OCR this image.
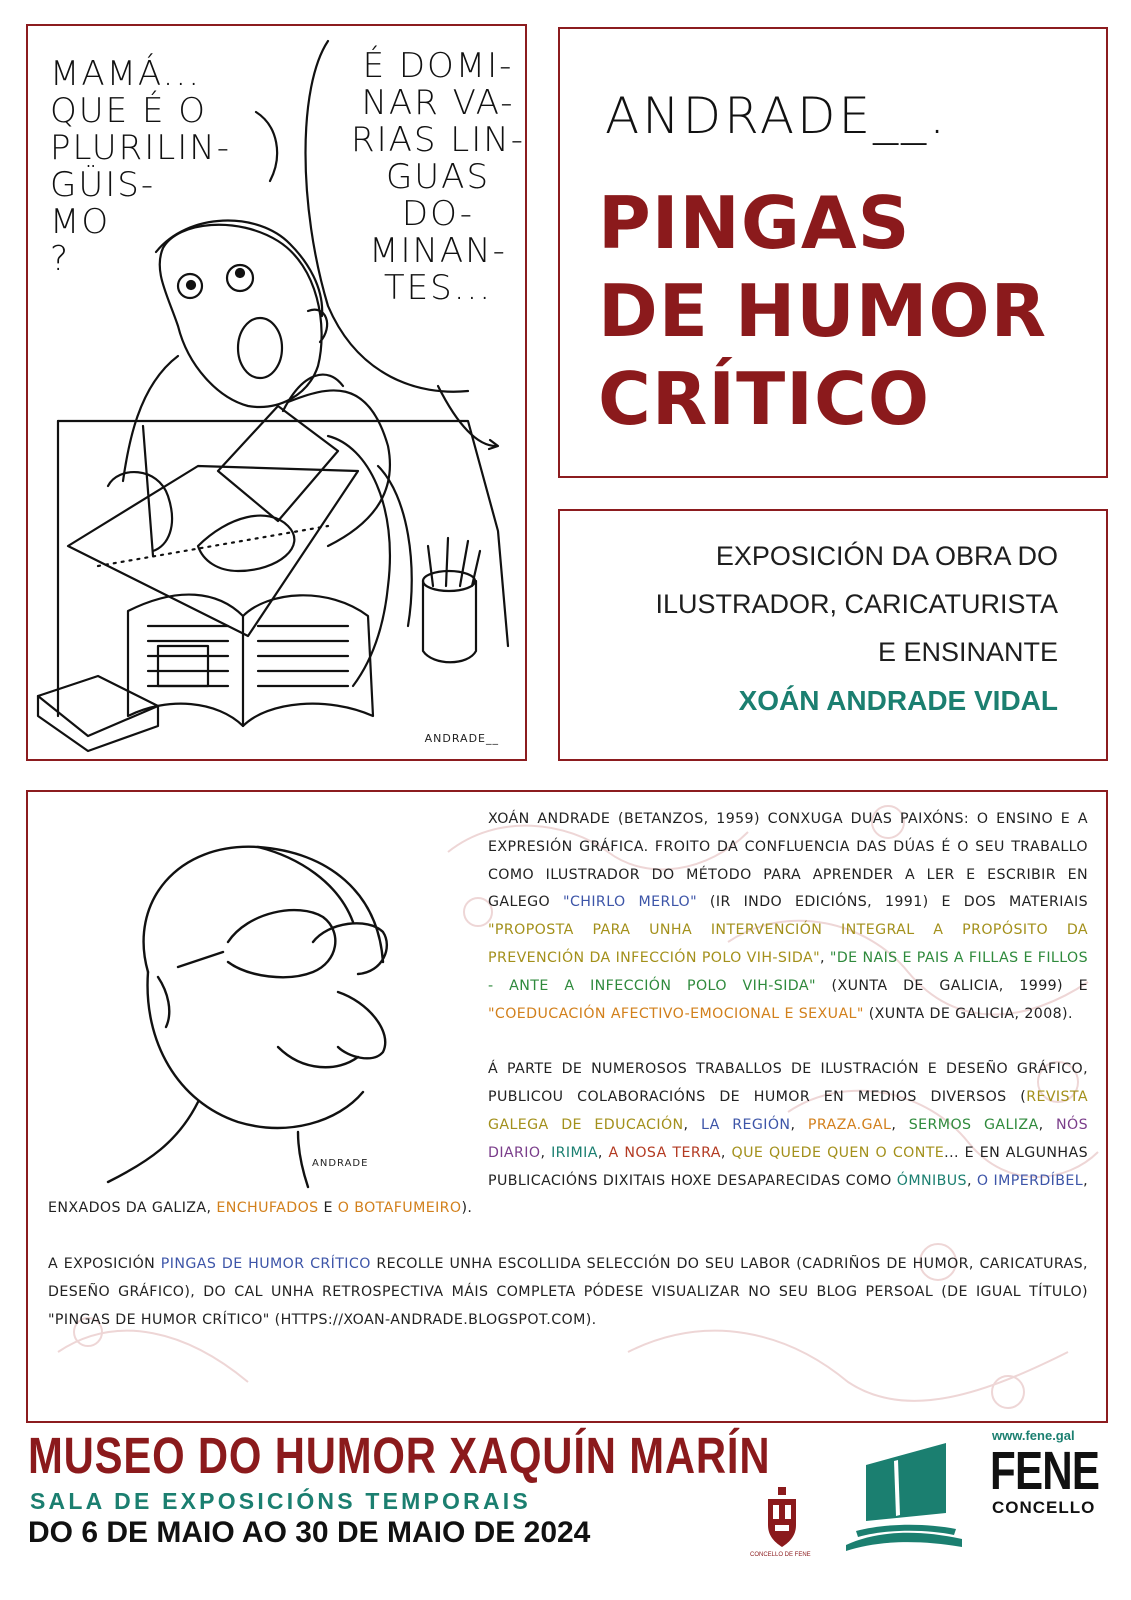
MAMÁ...
QUE É O
PLURILIN-
GÜIS-
MO
?
É DOMI-
NAR VA-
RIAS LIN-
GUAS DO-
MINAN-
TES...
ANDRADE__
ANDRADE__.
PINGAS
DE HUMOR
CRÍTICO
EXPOSICIÓN DA OBRA DO
ILUSTRADOR, CARICATURISTA
E ENSINANTE
XOÁN ANDRADE VIDAL
ANDRADE

XOÁN ANDRADE (BETANZOS, 1959) CONXUGA DUAS PAIXÓNS: O ENSINO E A EXPRESIÓN GRÁFICA. FROITO DA CONFLUENCIA DAS DÚAS É O SEU TRABALLO COMO ILUSTRADOR DO MÉTODO PARA APRENDER A LER E ESCRIBIR EN GALEGO "CHIRLO MERLO" (IR INDO EDICIÓNS, 1991) E DOS MATERIAIS "PROPOSTA PARA UNHA INTERVENCIÓN INTEGRAL A PROPÓSITO DA PREVENCIÓN DA INFECCIÓN POLO VIH-SIDA", "DE NAIS E PAIS A FILLAS E FILLOS - ANTE A INFECCIÓN POLO VIH-SIDA" (XUNTA DE GALICIA, 1999) E "COEDUCACIÓN AFECTIVO-EMOCIONAL E SEXUAL" (XUNTA DE GALICIA, 2008).

Á PARTE DE NUMEROSOS TRABALLOS DE ILUSTRACIÓN E DESEÑO GRÁFICO, PUBLICOU COLABORACIÓNS DE HUMOR EN MEDIOS DIVERSOS (REVISTA GALEGA DE EDUCACIÓN, LA REGIÓN, PRAZA.GAL, SERMOS GALIZA, NÓS DIARIO, IRIMIA, A NOSA TERRA, QUE QUEDE QUEN O CONTE... E EN ALGUNHAS PUBLICACIÓNS DIXITAIS HOXE DESAPARECIDAS COMO ÓMNIBUS, O IMPERDÍBEL, ENXADOS DA GALIZA, ENCHUFADOS E O BOTAFUMEIRO).

A EXPOSICIÓN PINGAS DE HUMOR CRÍTICO RECOLLE UNHA ESCOLLIDA SELECCIÓN DO SEU LABOR (CADRIÑOS DE HUMOR, CARICATURAS, DESEÑO GRÁFICO), DO CAL UNHA RETROSPECTIVA MÁIS COMPLETA PÓDESE VISUALIZAR NO SEU BLOG PERSOAL (DE IGUAL TÍTULO) "PINGAS DE HUMOR CRÍTICO" (HTTPS://XOAN-ANDRADE.BLOGSPOT.COM).

MUSEO DO HUMOR XAQUÍN MARÍN
SALA DE EXPOSICIÓNS TEMPORAIS
DO 6 DE MAIO AO 30 DE MAIO DE 2024
CONCELLO DE FENE
www.fene.gal
FENE
CONCELLO
